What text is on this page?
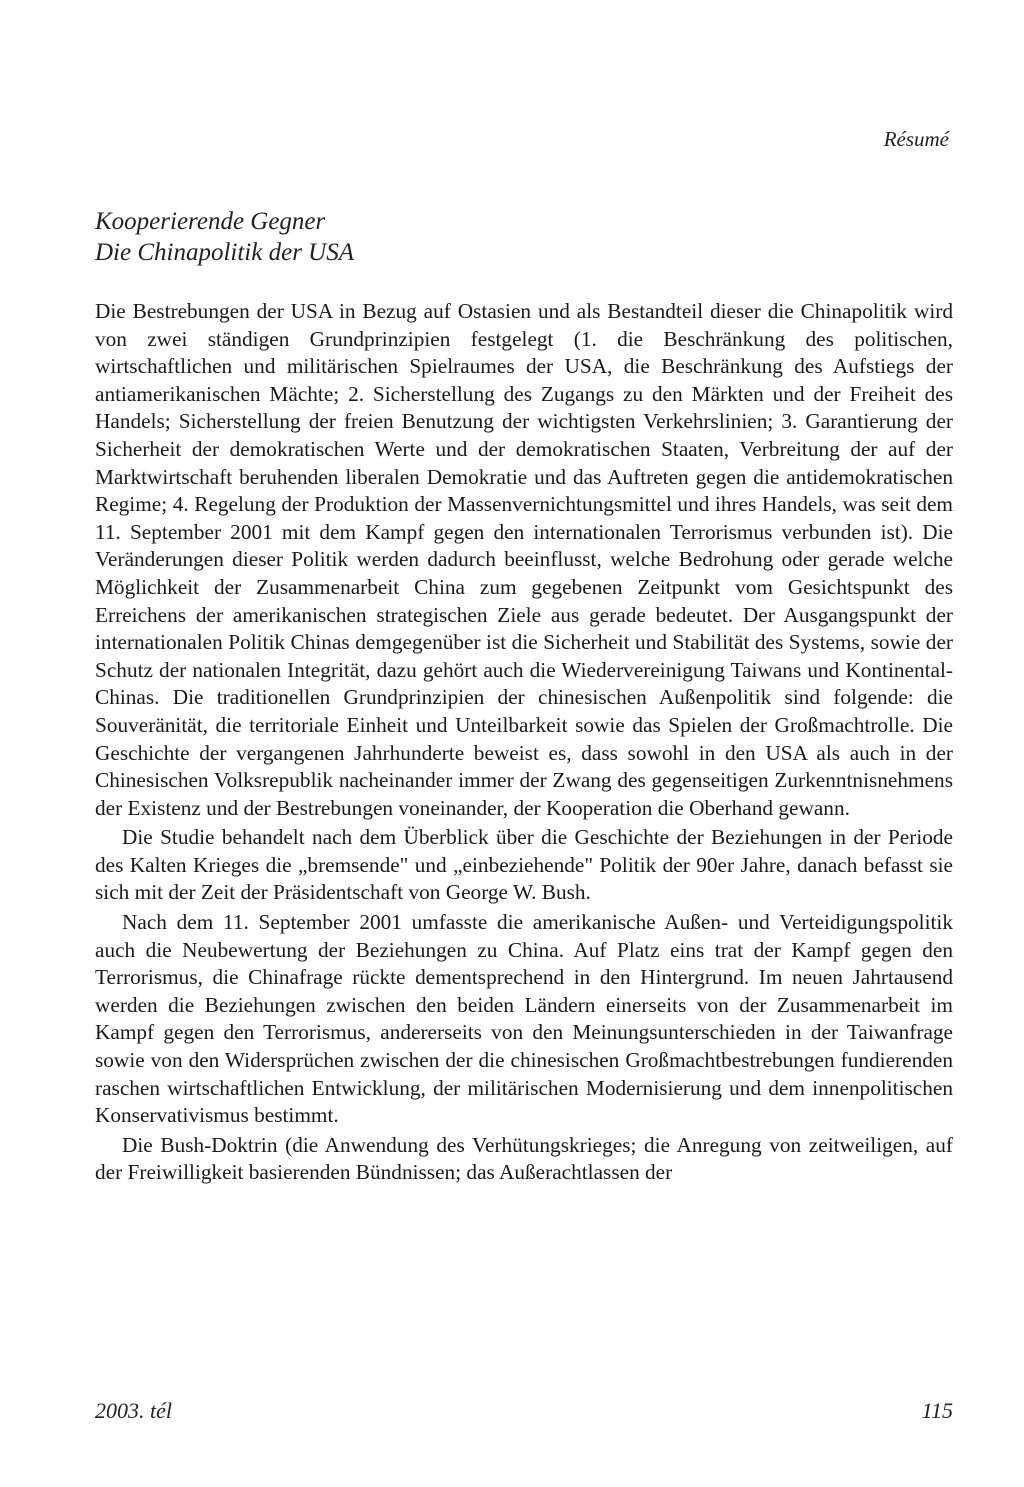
Résumé
Kooperierende Gegner
Die Chinapolitik der USA

Die Bestrebungen der USA in Bezug auf Ostasien und als Bestandteil dieser die Chinapolitik wird von zwei ständigen Grundprinzipien festgelegt (1. die Beschränkung des politischen, wirtschaftlichen und militärischen Spielraumes der USA, die Beschränkung des Aufstiegs der antiamerikanischen Mächte; 2. Sicherstellung des Zugangs zu den Märkten und der Freiheit des Handels; Sicherstellung der freien Benutzung der wichtigsten Verkehrslinien; 3. Garantierung der Sicherheit der demokratischen Werte und der demokratischen Staaten, Verbreitung der auf der Marktwirtschaft beruhenden liberalen Demokratie und das Auftreten gegen die antidemokratischen Regime; 4. Regelung der Produktion der Massenvernichtungsmittel und ihres Handels, was seit dem 11. September 2001 mit dem Kampf gegen den internationalen Terrorismus verbunden ist). Die Veränderungen dieser Politik werden dadurch beeinflusst, welche Bedrohung oder gerade welche Möglichkeit der Zusammenarbeit China zum gegebenen Zeitpunkt vom Gesichtspunkt des Erreichens der amerikanischen strategischen Ziele aus gerade bedeutet. Der Ausgangspunkt der internationalen Politik Chinas demgegenüber ist die Sicherheit und Stabilität des Systems, sowie der Schutz der nationalen Integrität, dazu gehört auch die Wiedervereinigung Taiwans und Kontinental-Chinas. Die traditionellen Grundprinzipien der chinesischen Außenpolitik sind folgende: die Souveränität, die territoriale Einheit und Unteilbarkeit sowie das Spielen der Großmachtrolle. Die Geschichte der vergangenen Jahrhunderte beweist es, dass sowohl in den USA als auch in der Chinesischen Volksrepublik nacheinander immer der Zwang des gegenseitigen Zurkenntnisnehmens der Existenz und der Bestrebungen voneinander, der Kooperation die Oberhand gewann.

Die Studie behandelt nach dem Überblick über die Geschichte der Beziehungen in der Periode des Kalten Krieges die „bremsende" und „einbeziehende" Politik der 90er Jahre, danach befasst sie sich mit der Zeit der Präsidentschaft von George W. Bush.

Nach dem 11. September 2001 umfasste die amerikanische Außen- und Verteidigungspolitik auch die Neubewertung der Beziehungen zu China. Auf Platz eins trat der Kampf gegen den Terrorismus, die Chinafrage rückte dementsprechend in den Hintergrund. Im neuen Jahrtausend werden die Beziehungen zwischen den beiden Ländern einerseits von der Zusammenarbeit im Kampf gegen den Terrorismus, andererseits von den Meinungsunterschieden in der Taiwanfrage sowie von den Widersprüchen zwischen der die chinesischen Großmachtbestrebungen fundierenden raschen wirtschaftlichen Entwicklung, der militärischen Modernisierung und dem innenpolitischen Konservativismus bestimmt.

Die Bush-Doktrin (die Anwendung des Verhütungskrieges; die Anregung von zeitweiligen, auf der Freiwilligkeit basierenden Bündnissen; das Außerachtlassen der

2003. tél	115
